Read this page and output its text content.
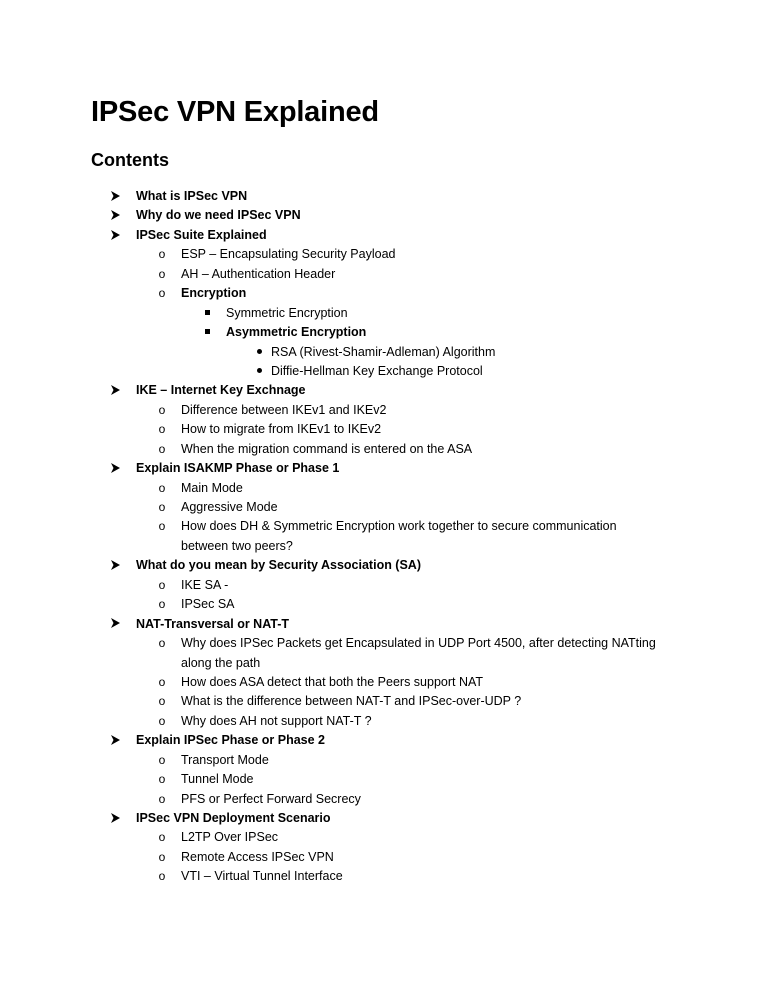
IPSec VPN Explained
Contents
What is IPSec VPN
Why do we need IPSec VPN
IPSec Suite Explained
o ESP – Encapsulating Security Payload
o AH – Authentication Header
o Encryption
Symmetric Encryption
Asymmetric Encryption
RSA (Rivest-Shamir-Adleman) Algorithm
Diffie-Hellman Key Exchange Protocol
IKE – Internet Key Exchnage
o Difference between IKEv1 and IKEv2
o How to migrate from IKEv1 to IKEv2
o When the migration command is entered on the ASA
Explain ISAKMP Phase or Phase 1
o Main Mode
o Aggressive Mode
o How does DH & Symmetric Encryption work together to secure communication between two peers?
What do you mean by Security Association (SA)
o IKE SA -
o IPSec SA
NAT-Transversal or NAT-T
o Why does IPSec Packets get Encapsulated in UDP Port 4500, after detecting NATting along the path
o How does ASA detect that both the Peers support NAT
o What is the difference between NAT-T and IPSec-over-UDP ?
o Why does AH not support NAT-T ?
Explain IPSec Phase or Phase 2
o Transport Mode
o Tunnel Mode
o PFS or Perfect Forward Secrecy
IPSec VPN Deployment Scenario
o L2TP Over IPSec
o Remote Access IPSec VPN
o VTI – Virtual Tunnel Interface
